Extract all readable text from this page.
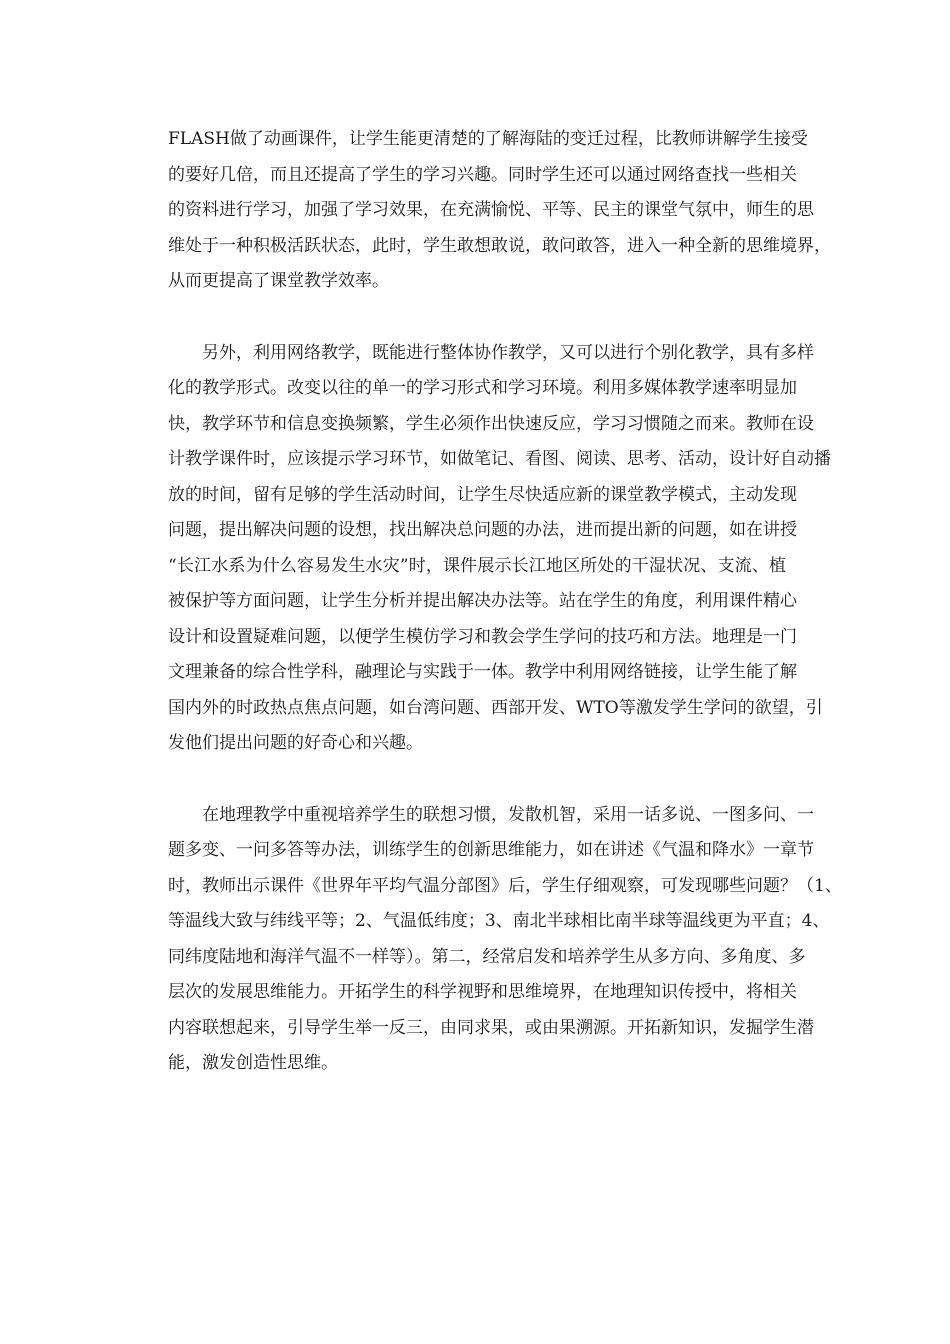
FLASH做了动画课件，让学生能更清楚的了解海陆的变迁过程，比教师讲解学生接受
的要好几倍，而且还提高了学生的学习兴趣。同时学生还可以通过网络查找一些相关
的资料进行学习，加强了学习效果，在充满愉悦、平等、民主的课堂气氛中，师生的思
维处于一种积极活跃状态，此时，学生敢想敢说，敢问敢答，进入一种全新的思维境界，
从而更提高了课堂教学效率。
另外，利用网络教学，既能进行整体协作教学，又可以进行个别化教学，具有多样
化的教学形式。改变以往的单一的学习形式和学习环境。利用多媒体教学速率明显加
快，教学环节和信息变换频繁，学生必须作出快速反应，学习习惯随之而来。教师在设
计教学课件时，应该提示学习环节，如做笔记、看图、阅读、思考、活动，设计好自动播
放的时间，留有足够的学生活动时间，让学生尽快适应新的课堂教学模式，主动发现
问题，提出解决问题的设想，找出解决总问题的办法，进而提出新的问题，如在讲授
“长江水系为什么容易发生水灾”时，课件展示长江地区所处的干湿状况、支流、植
被保护等方面问题，让学生分析并提出解决办法等。站在学生的角度，利用课件精心
设计和设置疑难问题，以便学生模仿学习和教会学生学问的技巧和方法。地理是一门
文理兼备的综合性学科，融理论与实践于一体。教学中利用网络链接，让学生能了解
国内外的时政热点焦点问题，如台湾问题、西部开发、WTO等激发学生学问的欲望，引
发他们提出问题的好奇心和兴趣。
在地理教学中重视培养学生的联想习惯，发散机智，采用一话多说、一图多问、一
题多变、一问多答等办法，训练学生的创新思维能力，如在讲述《气温和降水》一章节
时，教师出示课件《世界年平均气温分部图》后，学生仔细观察，可发现哪些问题？（1、
等温线大致与纬线平等；2、气温低纬度；3、南北半球相比南半球等温线更为平直；4、
同纬度陆地和海洋气温不一样等）。第二，经常启发和培养学生从多方向、多角度、多
层次的发展思维能力。开拓学生的科学视野和思维境界，在地理知识传授中，将相关
内容联想起来，引导学生举一反三，由同求果，或由果溯源。开拓新知识，发掘学生潜
能，激发创造性思维。
